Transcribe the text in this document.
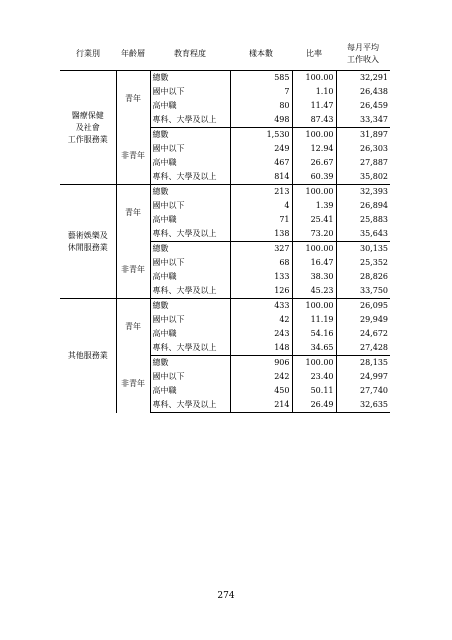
行業別	年齡層	教育程度	樣本數	比率	每月平均
工作收入

醫療保健
及社會
工作服務業	青年	總數	585	100.00	32,291
		國中以下	7	1.10	26,438
		高中職	80	11.47	26,459
		專科、大學及以上	498	87.43	33,347
	非青年	總數	1,530	100.00	31,897
		國中以下	249	12.94	26,303
		高中職	467	26.67	27,887
		專科、大學及以上	814	60.39	35,802

藝術娛樂及
休閒服務業	青年	總數	213	100.00	32,393
		國中以下	4	1.39	26,894
		高中職	71	25.41	25,883
		專科、大學及以上	138	73.20	35,643
	非青年	總數	327	100.00	30,135
		國中以下	68	16.47	25,352
		高中職	133	38.30	28,826
		專科、大學及以上	126	45.23	33,750

其他服務業	青年	總數	433	100.00	26,095
		國中以下	42	11.19	29,949
		高中職	243	54.16	24,672
		專科、大學及以上	148	34.65	27,428
	非青年	總數	906	100.00	28,135
		國中以下	242	23.40	24,997
		高中職	450	50.11	27,740
		專科、大學及以上	214	26.49	32,635
274
